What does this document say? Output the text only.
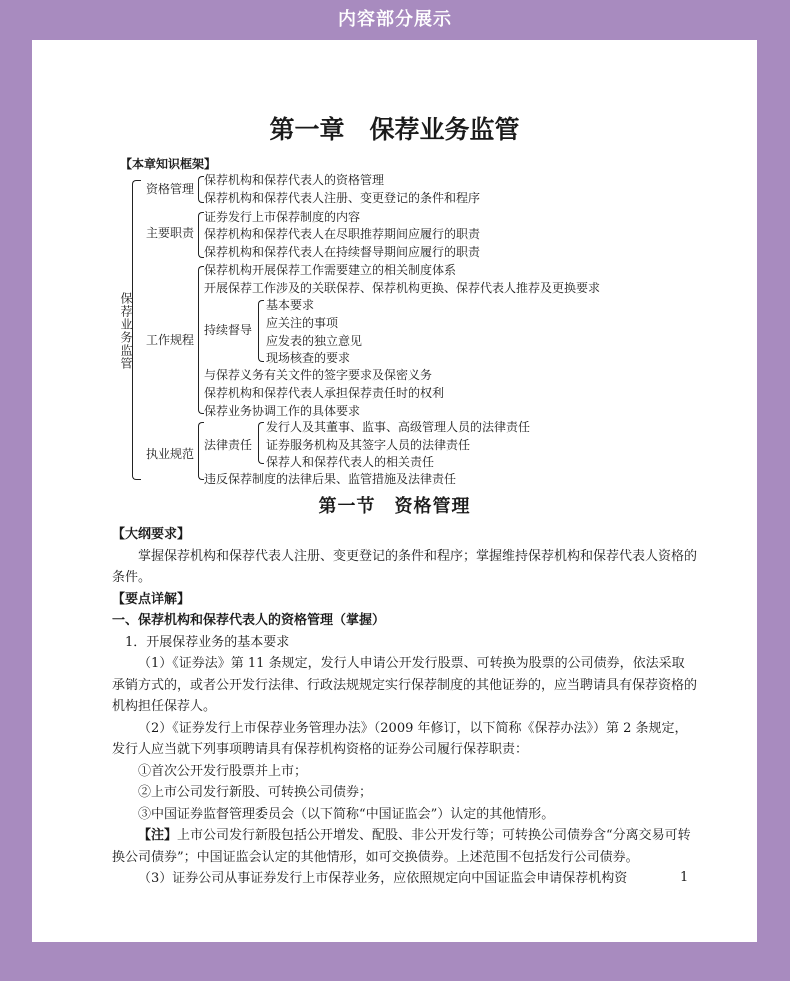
内容部分展示
第一章　保荐业务监管
【本章知识框架】
保荐业务监管
资格管理
保荐机构和保荐代表人的资格管理
保荐机构和保荐代表人注册、变更登记的条件和程序
主要职责
证券发行上市保荐制度的内容
保荐机构和保荐代表人在尽职推荐期间应履行的职责
保荐机构和保荐代表人在持续督导期间应履行的职责
工作规程
保荐机构开展保荐工作需要建立的相关制度体系
开展保荐工作涉及的关联保荐、保荐机构更换、保荐代表人推荐及更换要求
持续督导
基本要求
应关注的事项
应发表的独立意见
现场核查的要求
与保荐义务有关文件的签字要求及保密义务
保荐机构和保荐代表人承担保荐责任时的权利
保荐业务协调工作的具体要求
执业规范
法律责任
发行人及其董事、监事、高级管理人员的法律责任
证券服务机构及其签字人员的法律责任
保荐人和保荐代表人的相关责任
违反保荐制度的法律后果、监管措施及法律责任
第一节　资格管理
【大纲要求】
掌握保荐机构和保荐代表人注册、变更登记的条件和程序；掌握维持保荐机构和保荐代表人资格的条件。
【要点详解】
一、保荐机构和保荐代表人的资格管理（掌握）
1．开展保荐业务的基本要求
（1）《证券法》第 11 条规定，发行人申请公开发行股票、可转换为股票的公司债券，依法采取承销方式的，或者公开发行法律、行政法规规定实行保荐制度的其他证券的，应当聘请具有保荐资格的机构担任保荐人。
（2）《证券发行上市保荐业务管理办法》（2009 年修订，以下简称《保荐办法》）第 2 条规定，发行人应当就下列事项聘请具有保荐机构资格的证券公司履行保荐职责：
①首次公开发行股票并上市；
②上市公司发行新股、可转换公司债券；
③中国证券监督管理委员会（以下简称“中国证监会”）认定的其他情形。
【注】上市公司发行新股包括公开增发、配股、非公开发行等；可转换公司债券含“分离交易可转换公司债券”；中国证监会认定的其他情形，如可交换债券。上述范围不包括发行公司债券。
（3）证券公司从事证券发行上市保荐业务，应依照规定向中国证监会申请保荐机构资	1
